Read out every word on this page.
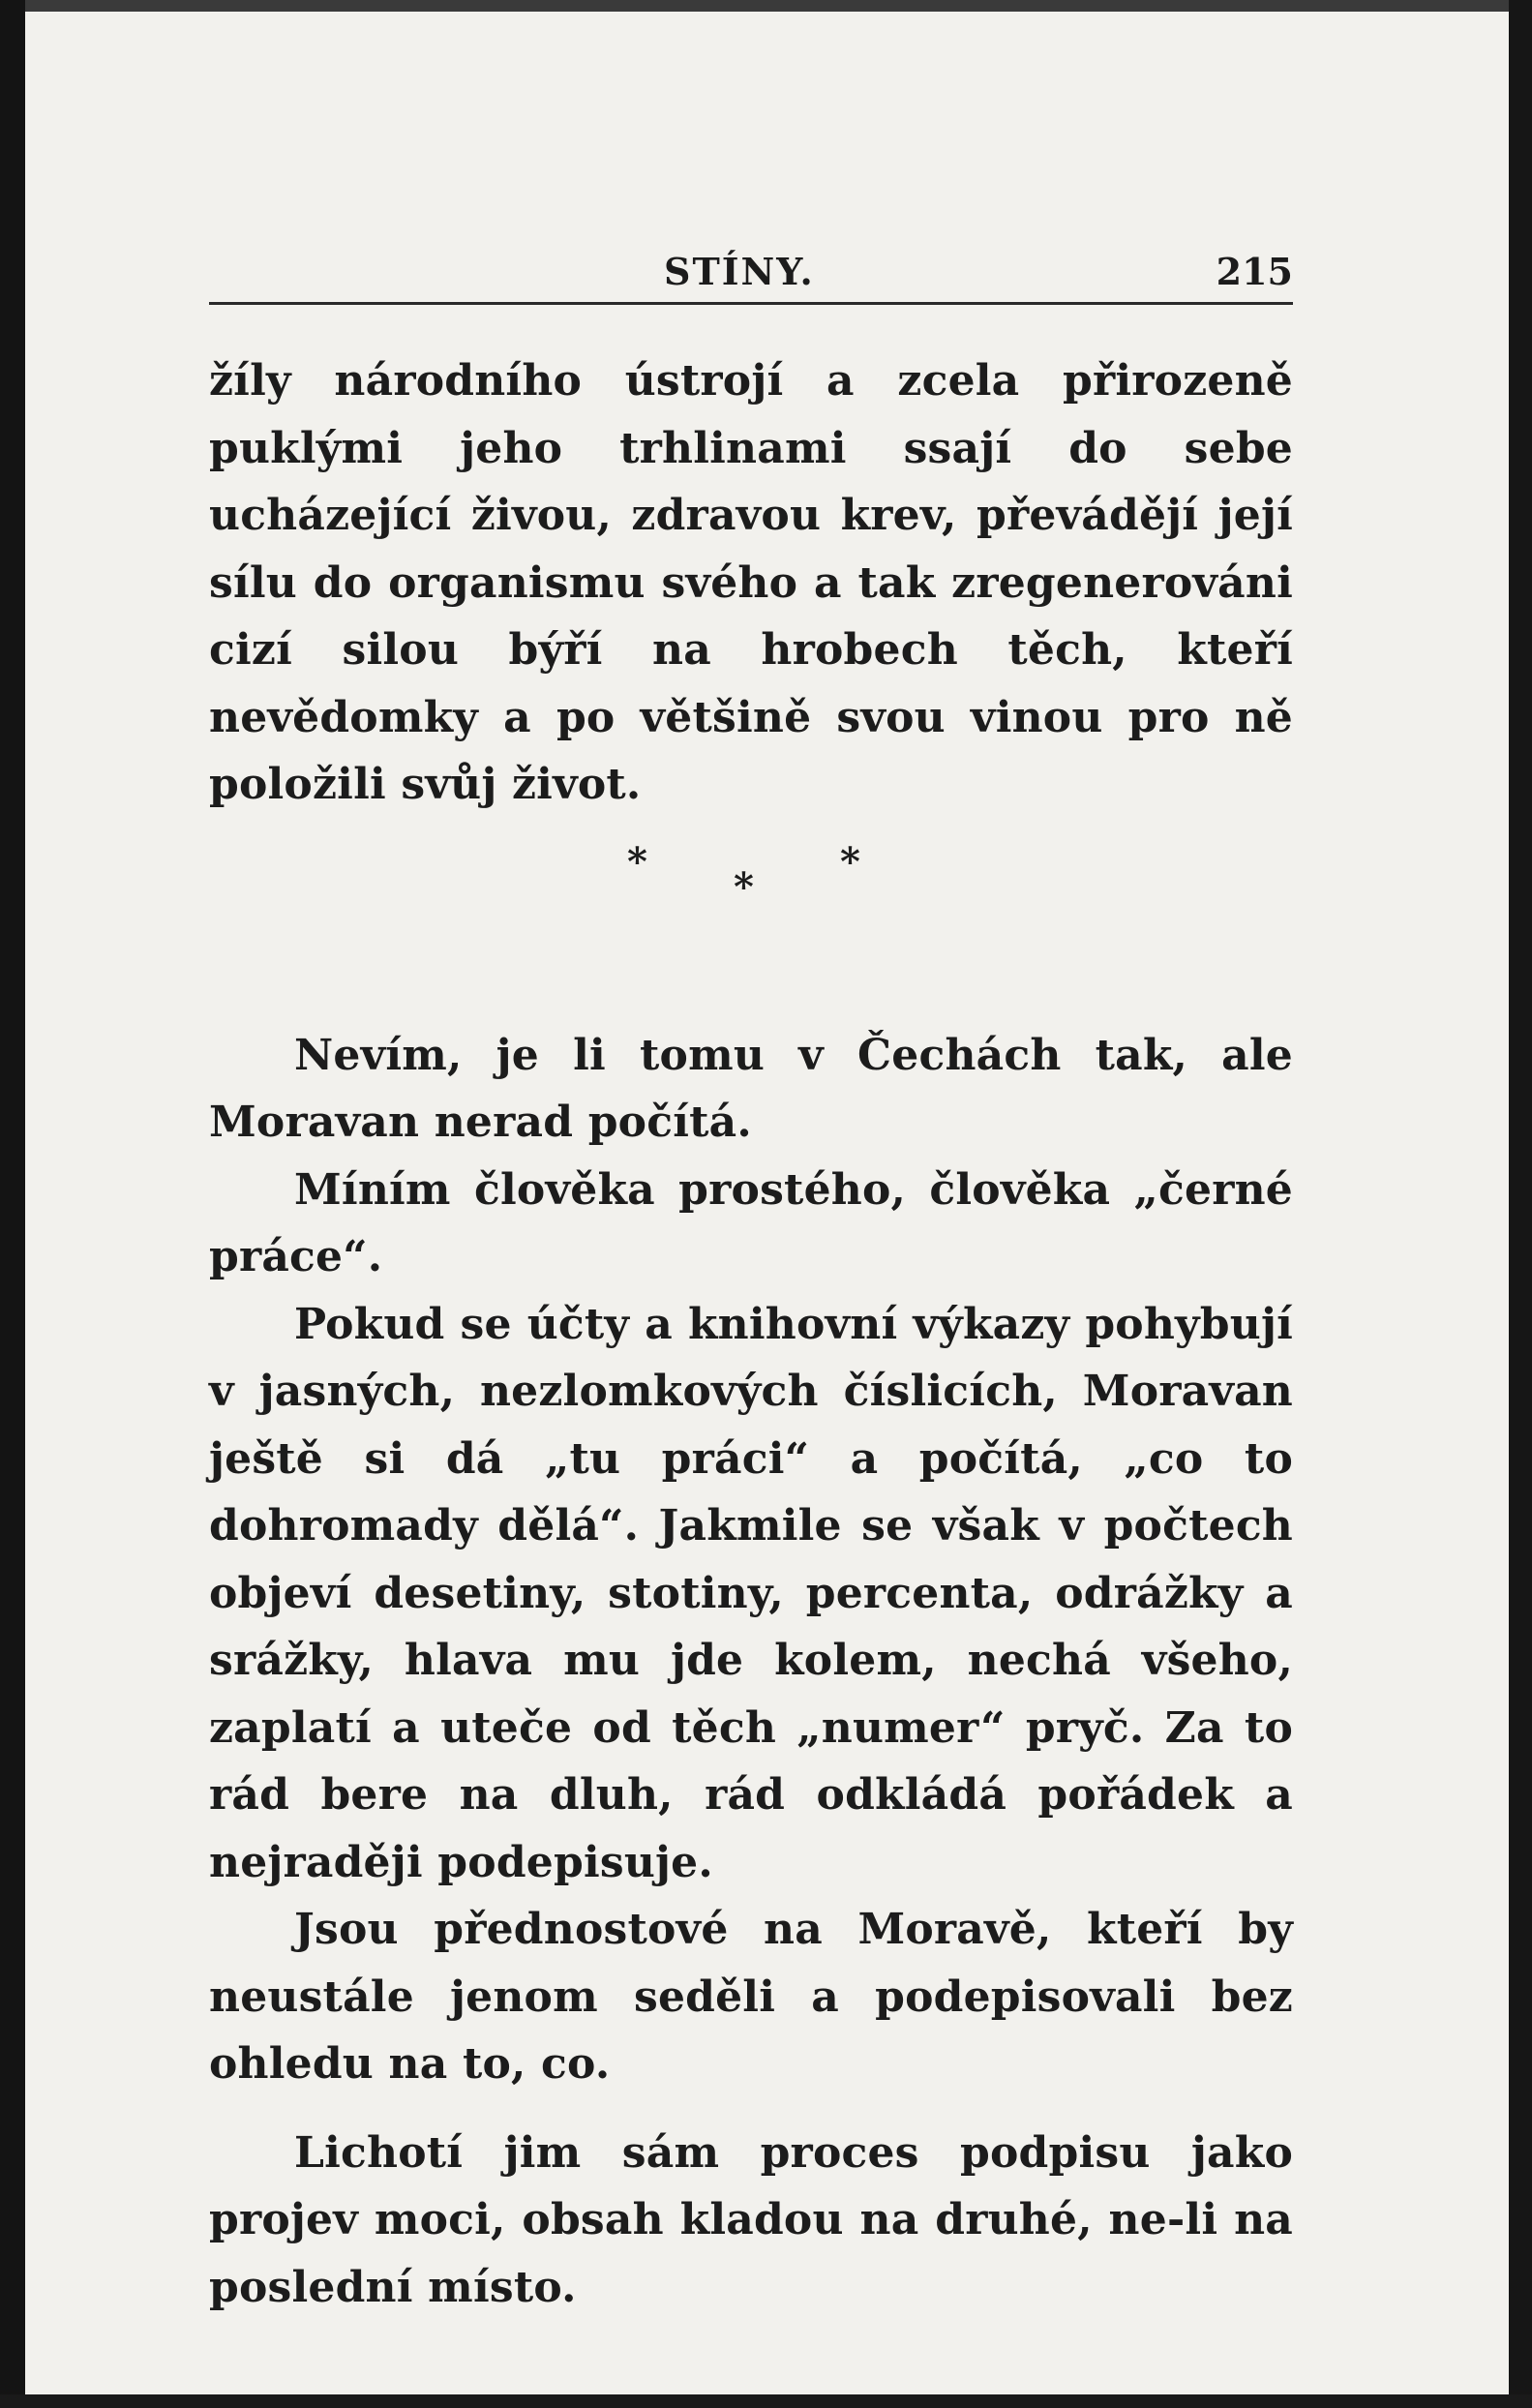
STÍNY.	215

žíly národního ústrojí a zcela přirozeně puklými jeho trhlinami ssají do sebe ucházející živou, zdravou krev, převádějí její sílu do organismu svého a tak zregenerováni cizí silou býří na hrobech těch, kteří nevědomky a po většině svou vinou pro ně položili svůj život.

*	*
*

Nevím, je li tomu v Čechách tak, ale Moravan nerad počítá.

Míním člověka prostého, člověka „černé práce“.

Pokud se účty a knihovní výkazy pohybují v jasných, nezlomkových číslicích, Moravan ještě si dá „tu práci“ a počítá, „co to dohromady dělá“. Jakmile se však v počtech objeví desetiny, stotiny, percenta, odrážky a srážky, hlava mu jde kolem, nechá všeho, zaplatí a uteče od těch „numer“ pryč. Za to rád bere na dluh, rád odkládá pořádek a nejraději podepisuje.

Jsou přednostové na Moravě, kteří by neustále jenom seděli a podepisovali bez ohledu na to, co.

Lichotí jim sám proces podpisu jako projev moci, obsah kladou na druhé, ne-li na poslední místo.
